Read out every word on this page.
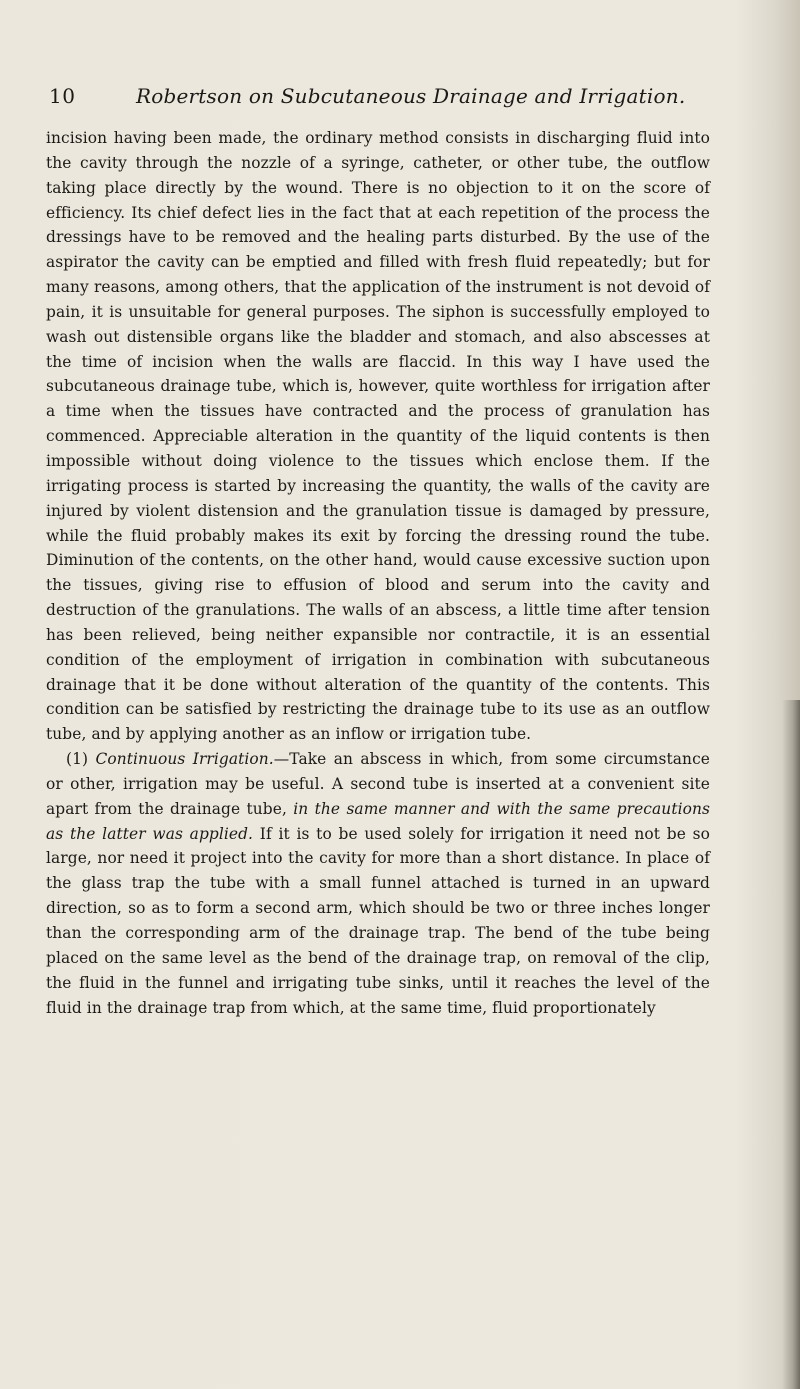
10	Robertson on Subcutaneous Drainage and Irrigation.

incision having been made, the ordinary method consists in discharging fluid into the cavity through the nozzle of a syringe, catheter, or other tube, the outflow taking place directly by the wound. There is no objection to it on the score of efficiency. Its chief defect lies in the fact that at each repetition of the process the dressings have to be removed and the healing parts disturbed. By the use of the aspirator the cavity can be emptied and filled with fresh fluid repeatedly; but for many reasons, among others, that the application of the instrument is not devoid of pain, it is unsuitable for general purposes. The siphon is successfully employed to wash out distensible organs like the bladder and stomach, and also abscesses at the time of incision when the walls are flaccid. In this way I have used the subcutaneous drainage tube, which is, however, quite worthless for irrigation after a time when the tissues have contracted and the process of granulation has commenced. Appreciable alteration in the quantity of the liquid contents is then impossible without doing violence to the tissues which enclose them. If the irrigating process is started by increasing the quantity, the walls of the cavity are injured by violent distension and the granulation tissue is damaged by pressure, while the fluid probably makes its exit by forcing the dressing round the tube. Diminution of the contents, on the other hand, would cause excessive suction upon the tissues, giving rise to effusion of blood and serum into the cavity and destruction of the granulations. The walls of an abscess, a little time after tension has been relieved, being neither expansible nor contractile, it is an essential condition of the employment of irrigation in combination with subcutaneous drainage that it be done without alteration of the quantity of the contents. This condition can be satisfied by restricting the drainage tube to its use as an outflow tube, and by applying another as an inflow or irrigation tube.

(1) Continuous Irrigation.—Take an abscess in which, from some circumstance or other, irrigation may be useful. A second tube is inserted at a convenient site apart from the drainage tube, in the same manner and with the same precautions as the latter was applied. If it is to be used solely for irrigation it need not be so large, nor need it project into the cavity for more than a short distance. In place of the glass trap the tube with a small funnel attached is turned in an upward direction, so as to form a second arm, which should be two or three inches longer than the corresponding arm of the drainage trap. The bend of the tube being placed on the same level as the bend of the drainage trap, on removal of the clip, the fluid in the funnel and irrigating tube sinks, until it reaches the level of the fluid in the drainage trap from which, at the same time, fluid proportionately
